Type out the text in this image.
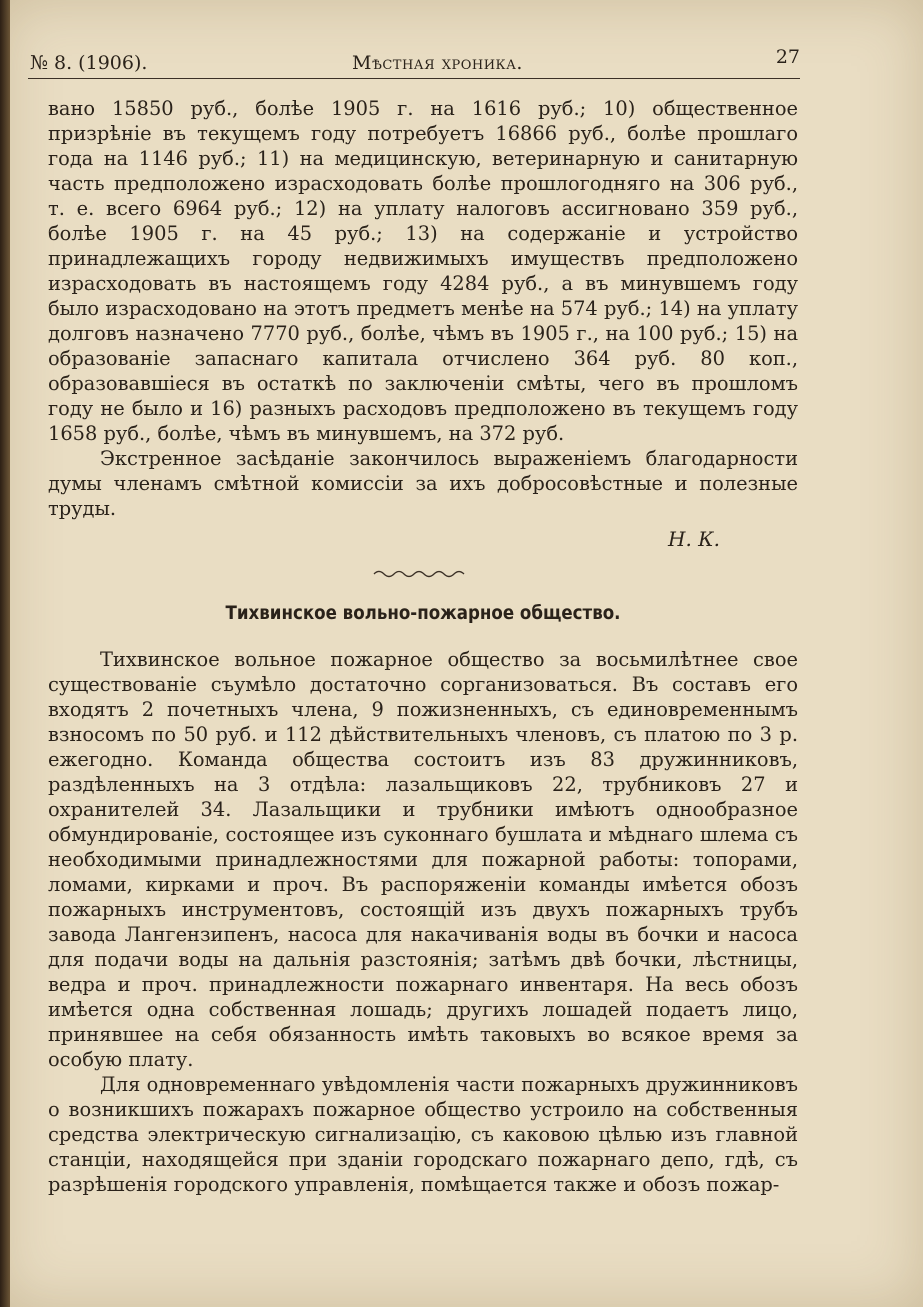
№ 8. (1906).	Мѣстная хроника.	27

вано 15850 руб., болѣе 1905 г. на 1616 руб.; 10) общественное призрѣніе въ текущемъ году потребуетъ 16866 руб., болѣе прошлаго года на 1146 руб.; 11) на медицинскую, ветеринарную и санитарную часть предположено израсходовать болѣе прошлогодняго на 306 руб., т. е. всего 6964 руб.; 12) на уплату налоговъ ассигновано 359 руб., болѣе 1905 г. на 45 руб.; 13) на содержаніе и устройство принадлежащихъ городу недвижимыхъ имуществъ предположено израсходовать въ настоящемъ году 4284 руб., а въ минувшемъ году было израсходовано на этотъ предметъ менѣе на 574 руб.; 14) на уплату долговъ назначено 7770 руб., болѣе, чѣмъ въ 1905 г., на 100 руб.; 15) на образованіе запаснаго капитала отчислено 364 руб. 80 коп., образовавшіеся въ остаткѣ по заключеніи смѣты, чего въ прошломъ году не было и 16) разныхъ расходовъ предположено въ текущемъ году 1658 руб., болѣе, чѣмъ въ минувшемъ, на 372 руб.

Экстренное засѣданіе закончилось выраженіемъ благодарности думы членамъ смѣтной комиссіи за ихъ добросовѣстные и полезные труды.

Н. К.
Тихвинское вольно-пожарное общество.

Тихвинское вольное пожарное общество за восьмилѣтнее свое существованіе съумѣло достаточно сорганизоваться. Въ составъ его входятъ 2 почетныхъ члена, 9 пожизненныхъ, съ единовременнымъ взносомъ по 50 руб. и 112 дѣйствительныхъ членовъ, съ платою по 3 р. ежегодно. Команда общества состоитъ изъ 83 дружинниковъ, раздѣленныхъ на 3 отдѣла: лазальщиковъ 22, трубниковъ 27 и охранителей 34. Лазальщики и трубники имѣютъ однообразное обмундированіе, состоящее изъ суконнаго бушлата и мѣднаго шлема съ необходимыми принадлежностями для пожарной работы: топорами, ломами, кирками и проч. Въ распоряженіи команды имѣется обозъ пожарныхъ инструментовъ, состоящій изъ двухъ пожарныхъ трубъ завода Лангензипенъ, насоса для накачиванія воды въ бочки и насоса для подачи воды на дальнія разстоянія; затѣмъ двѣ бочки, лѣстницы, ведра и проч. принадлежности пожарнаго инвентаря. На весь обозъ имѣется одна собственная лошадь; другихъ лошадей подаетъ лицо, принявшее на себя обязанность имѣть таковыхъ во всякое время за особую плату.

Для одновременнаго увѣдомленія части пожарныхъ дружинниковъ о возникшихъ пожарахъ пожарное общество устроило на собственныя средства электрическую сигнализацію, съ каковою цѣлью изъ главной станціи, находящейся при зданіи городскаго пожарнаго депо, гдѣ, съ разрѣшенія городского управленія, помѣщается также и обозъ пожар-
